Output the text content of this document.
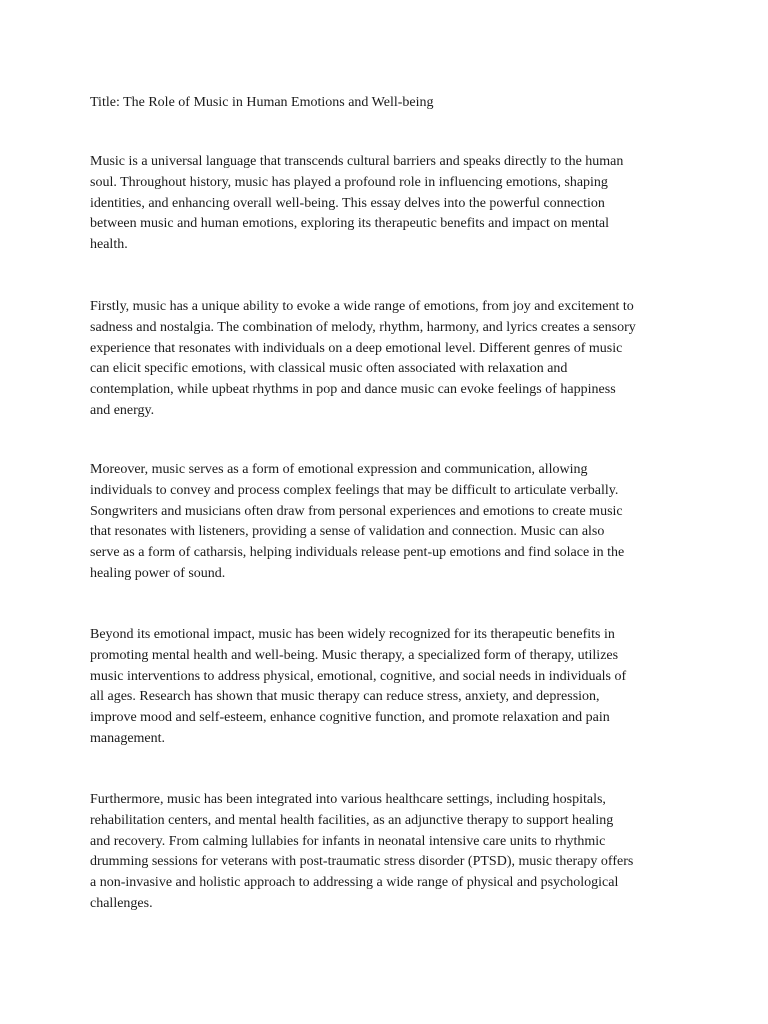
Title: The Role of Music in Human Emotions and Well-being

Music is a universal language that transcends cultural barriers and speaks directly to the human
soul. Throughout history, music has played a profound role in influencing emotions, shaping
identities, and enhancing overall well-being. This essay delves into the powerful connection
between music and human emotions, exploring its therapeutic benefits and impact on mental
health.

Firstly, music has a unique ability to evoke a wide range of emotions, from joy and excitement to
sadness and nostalgia. The combination of melody, rhythm, harmony, and lyrics creates a sensory
experience that resonates with individuals on a deep emotional level. Different genres of music
can elicit specific emotions, with classical music often associated with relaxation and
contemplation, while upbeat rhythms in pop and dance music can evoke feelings of happiness
and energy.

Moreover, music serves as a form of emotional expression and communication, allowing
individuals to convey and process complex feelings that may be difficult to articulate verbally.
Songwriters and musicians often draw from personal experiences and emotions to create music
that resonates with listeners, providing a sense of validation and connection. Music can also
serve as a form of catharsis, helping individuals release pent-up emotions and find solace in the
healing power of sound.

Beyond its emotional impact, music has been widely recognized for its therapeutic benefits in
promoting mental health and well-being. Music therapy, a specialized form of therapy, utilizes
music interventions to address physical, emotional, cognitive, and social needs in individuals of
all ages. Research has shown that music therapy can reduce stress, anxiety, and depression,
improve mood and self-esteem, enhance cognitive function, and promote relaxation and pain
management.

Furthermore, music has been integrated into various healthcare settings, including hospitals,
rehabilitation centers, and mental health facilities, as an adjunctive therapy to support healing
and recovery. From calming lullabies for infants in neonatal intensive care units to rhythmic
drumming sessions for veterans with post-traumatic stress disorder (PTSD), music therapy offers
a non-invasive and holistic approach to addressing a wide range of physical and psychological
challenges.
